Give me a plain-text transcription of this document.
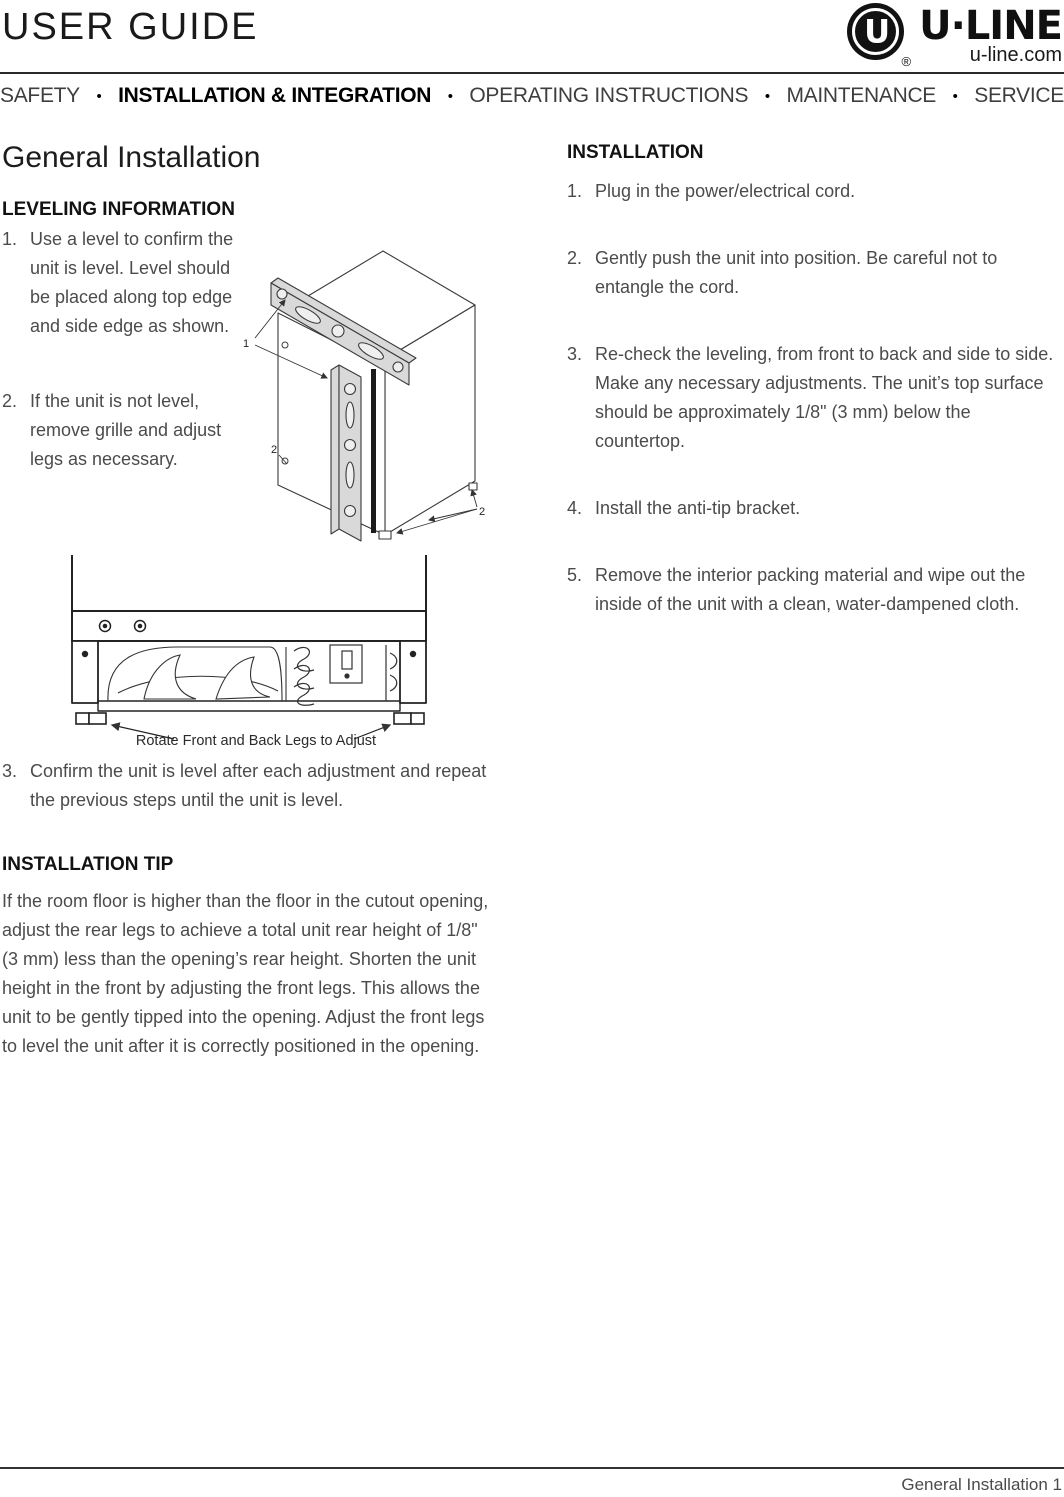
USER GUIDE	U
®
U·LINE
u-line.com
SAFETY • INSTALLATION & INTEGRATION • OPERATING INSTRUCTIONS • MAINTENANCE • SERVICE
General Installation
LEVELING INFORMATION
1. Use a level to confirm the unit is level. Level should be placed along top edge and side edge as shown.
2. If the unit is not level, remove grille and adjust legs as necessary.
1
2
2
Rotate Front and Back Legs to Adjust
3. Confirm the unit is level after each adjustment and repeat the previous steps until the unit is level.
INSTALLATION TIP

If the room floor is higher than the floor in the cutout opening, adjust the rear legs to achieve a total unit rear height of 1/8" (3 mm) less than the opening’s rear height. Shorten the unit height in the front by adjusting the front legs. This allows the unit to be gently tipped into the opening. Adjust the front legs to level the unit after it is correctly positioned in the opening.

INSTALLATION
1. Plug in the power/electrical cord.
2. Gently push the unit into position. Be careful not to entangle the cord.
3. Re-check the leveling, from front to back and side to side. Make any necessary adjustments. The unit’s top surface should be approximately 1/8" (3 mm) below the countertop.
4. Install the anti-tip bracket.
5. Remove the interior packing material and wipe out the inside of the unit with a clean, water-dampened cloth.
General Installation 1
